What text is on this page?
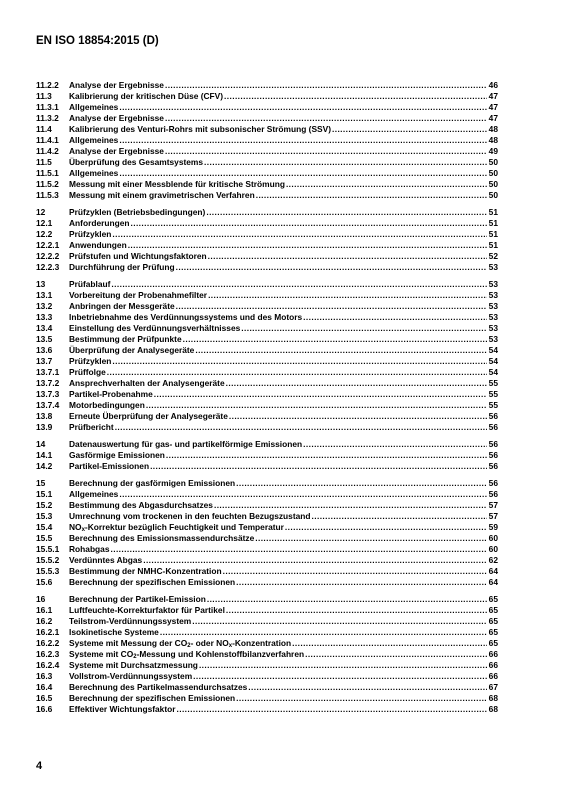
EN ISO 18854:2015 (D)
11.2.2	Analyse der Ergebnisse .....	46
11.3	Kalibrierung der kritischen Düse (CFV) .....	47
11.3.1	Allgemeines .....	47
11.3.2	Analyse der Ergebnisse .....	47
11.4	Kalibrierung des Venturi-Rohrs mit subsonischer Strömung (SSV) .....	48
11.4.1	Allgemeines .....	48
11.4.2	Analyse der Ergebnisse .....	49
11.5	Überprüfung des Gesamtsystems .....	50
11.5.1	Allgemeines .....	50
11.5.2	Messung mit einer Messblende für kritische Strömung .....	50
11.5.3	Messung mit einem gravimetrischen Verfahren .....	50
12	Prüfzyklen (Betriebsbedingungen) .....	51
12.1	Anforderungen .....	51
12.2	Prüfzyklen .....	51
12.2.1	Anwendungen .....	51
12.2.2	Prüfstufen und Wichtungsfaktoren .....	52
12.2.3	Durchführung der Prüfung .....	53
13	Prüfablauf .....	53
13.1	Vorbereitung der Probenahmefilter .....	53
13.2	Anbringen der Messgeräte .....	53
13.3	Inbetriebnahme des Verdünnungssystems und des Motors .....	53
13.4	Einstellung des Verdünnungsverhältnisses .....	53
13.5	Bestimmung der Prüfpunkte .....	53
13.6	Überprüfung der Analysegeräte .....	54
13.7	Prüfzyklen .....	54
13.7.1	Prüffolge .....	54
13.7.2	Ansprechverhalten der Analysengeräte .....	55
13.7.3	Partikel-Probenahme .....	55
13.7.4	Motorbedingungen .....	55
13.8	Erneute Überprüfung der Analysegeräte .....	56
13.9	Prüfbericht .....	56
14	Datenauswertung für gas- und partikelförmige Emissionen .....	56
14.1	Gasförmige Emissionen .....	56
14.2	Partikel-Emissionen .....	56
15	Berechnung der gasförmigen Emissionen .....	56
15.1	Allgemeines .....	56
15.2	Bestimmung des Abgasdurchsatzes .....	57
15.3	Umrechnung vom trockenen in den feuchten Bezugszustand .....	57
15.4	$NO_x$-Korrektur bezüglich Feuchtigkeit und Temperatur .....	59
15.5	Berechnung des Emissionsmassendurchsätze .....	60
15.5.1	Rohabgas .....	60
15.5.2	Verdünntes Abgas .....	62
15.5.3	Bestimmung der NMHC-Konzentration .....	64
15.6	Berechnung der spezifischen Emissionen .....	64
16	Berechnung der Partikel-Emission .....	65
16.1	Luftfeuchte-Korrekturfaktor für Partikel .....	65
16.2	Teilstrom-Verdünnungssystem .....	65
16.2.1	Isokinetische Systeme .....	65
16.2.2	Systeme mit Messung der $CO_2-$ oder $NO_x$-Konzentration .....	65
16.2.3	Systeme mit $CO_2$-Messung und Kohlenstoffbilanzverfahren .....	66
16.2.4	Systeme mit Durchsatzmessung .....	66
16.3	Vollstrom-Verdünnungssystem .....	66
16.4	Berechnung des Partikelmassendurchsatzes .....	67
16.5	Berechnung der spezifischen Emissionen .....	68
16.6	Effektiver Wichtungsfaktor .....	68
4
